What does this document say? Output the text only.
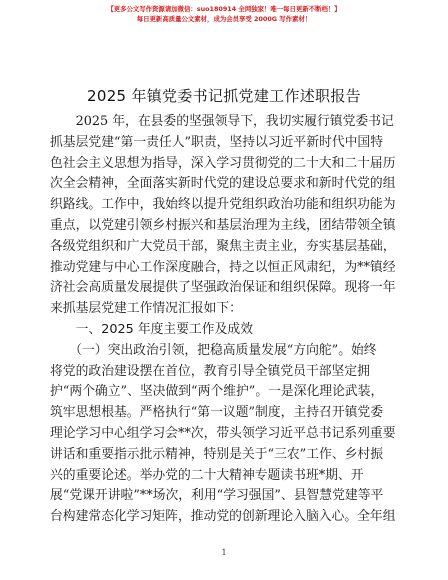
【更多公文写作资源请加微信：suo180914 全网独家！唯一每日更新不断档！】
每日更新高质量公文素材，成为会员享受 2000G 写作素材！
2025 年镇党委书记抓党建工作述职报告
　　2025 年，在县委的坚强领导下，我切实履行镇党委书记
抓基层党建“第一责任人”职责，坚持以习近平新时代中国特
色社会主义思想为指导，深入学习贯彻党的二十大和二十届历
次全会精神，全面落实新时代党的建设总要求和新时代党的组
织路线。工作中，我始终以提升党组织政治功能和组织功能为
重点，以党建引领乡村振兴和基层治理为主线，团结带领全镇
各级党组织和广大党员干部，聚焦主责主业，夯实基层基础，
推动党建与中心工作深度融合，持之以恒正风肃纪，为**镇经
济社会高质量发展提供了坚强政治保证和组织保障。现将一年
来抓基层党建工作情况汇报如下：
　　一、2025 年度主要工作及成效
　　（一）突出政治引领，把稳高质量发展“方向舵”。始终
将党的政治建设摆在首位，教育引导全镇党员干部坚定拥
护“两个确立”、坚决做到“两个维护”。一是深化理论武装，
筑牢思想根基。严格执行“第一议题”制度，主持召开镇党委
理论学习中心组学习会**次，带头领学习近平总书记系列重要
讲话和重要指示批示精神，特别是关于“三农”工作、乡村振
兴的重要论述。举办党的二十大精神专题读书班*期、开
展“党课开讲啦”**场次，利用“学习强国”、县智慧党建等平
台构建常态化学习矩阵，推动党的创新理论入脑入心。全年组
1
